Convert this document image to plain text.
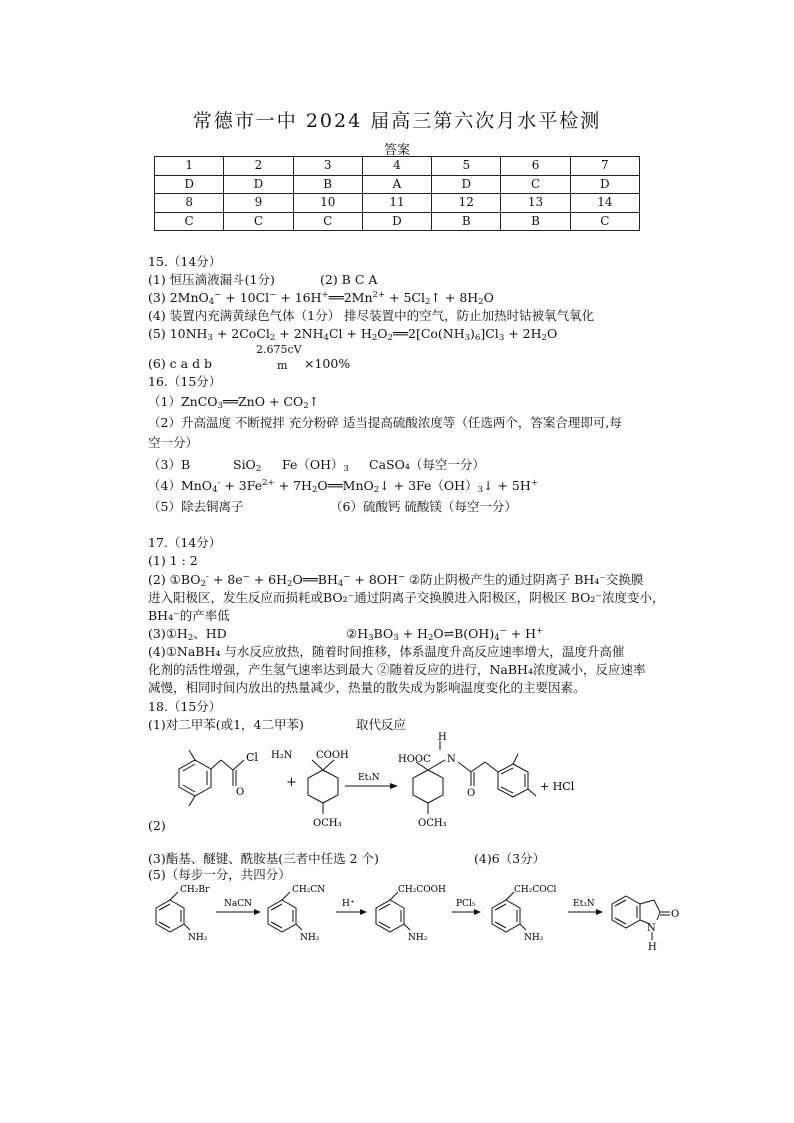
常德市一中 2024 届高三第六次月水平检测
答案
1	2	3	4	5	6	7
D	D	B	A	D	C	D
8	9	10	11	12	13	14
C	C	C	D	B	B	C
15.（14分）
(1) 恒压滴液漏斗(1分)	(2) B C A
(3) $2MnO_4^- + 10Cl^- + 16H^+══2Mn^{2+}$ + $5Cl_2↑ + 8H_2O$
(4) 装置内充满黄绿色气体（1分） 排尽装置中的空气，防止加热时钴被氧气氧化
(5) $10NH_3$ + 2CoCl$_2$ + $2NH_4Cl$ + $H_2O_2══2[Co(NH_3)_6]Cl_3 + 2H_2O$
2.675cV
(6) c a d b	m ×100%
16.（15分）
（1）ZnCO$_3$══ZnO + $CO_2↑$
（2）升高温度 不断搅拌 充分粉碎 适当提高硫酸浓度等（任选两个，答案合理即可,每
空一分）
（3）B	SiO$_2$ $Fe(OH)_3$ CaSO₄（每空一分）
$(4)MnO_4^- + 3Fe^{2+}$ + $7H_2O══MnO_2↓$ + $3Fe(OH)_3↓ + 5H^+$
（5）除去铜离子	（6）硫酸钙 硫酸镁（每空一分）
17.（14分）
(1) 1 : 2
(2) $①BO_2^- + 8e^-$ + $6H_2O══BH_4^- + 8OH^-$ ②防止阴极产生的通过阴离子 BH₄⁻交换膜
进入阳极区，发生反应而损耗或BO₂⁻通过阴离子交换膜进入阳极区，阴极区 BO₂⁻浓度变小，
BH₄⁻的产率低
$(3)①H_2$、HD	$②H_3BO_3$ + $H_2O\rightleftharpoons B(OH)_4^- + H^+$
(4)①NaBH₄ 与水反应放热，随着时间推移，体系温度升高反应速率增大，温度升高催
化剂的活性增强，产生氢气速率达到最大 ②随着反应的进行，NaBH₄浓度减小，反应速率
减慢，相同时间内放出的热量减少，热量的散失成为影响温度变化的主要因素。
18.（15分）
(1)对二甲苯(或1，4二甲苯)	取代反应
O
Cl
+
H₂N COOH
OCH₃
Et₃N
HOOC N
H
O
OCH₃
+ HCl
(2)
(3)酯基、醚键、酰胺基(三者中任选 2 个)	(4)6（3分）
(5)（每步一分，共四分）
CH₂Br
NH₂
NaCN
CH₂CN
NH₂
H⁺
CH₂COOH
NH₂
PCl₅
CH₂COCl
NH₂
Et₃N
O
N
H
